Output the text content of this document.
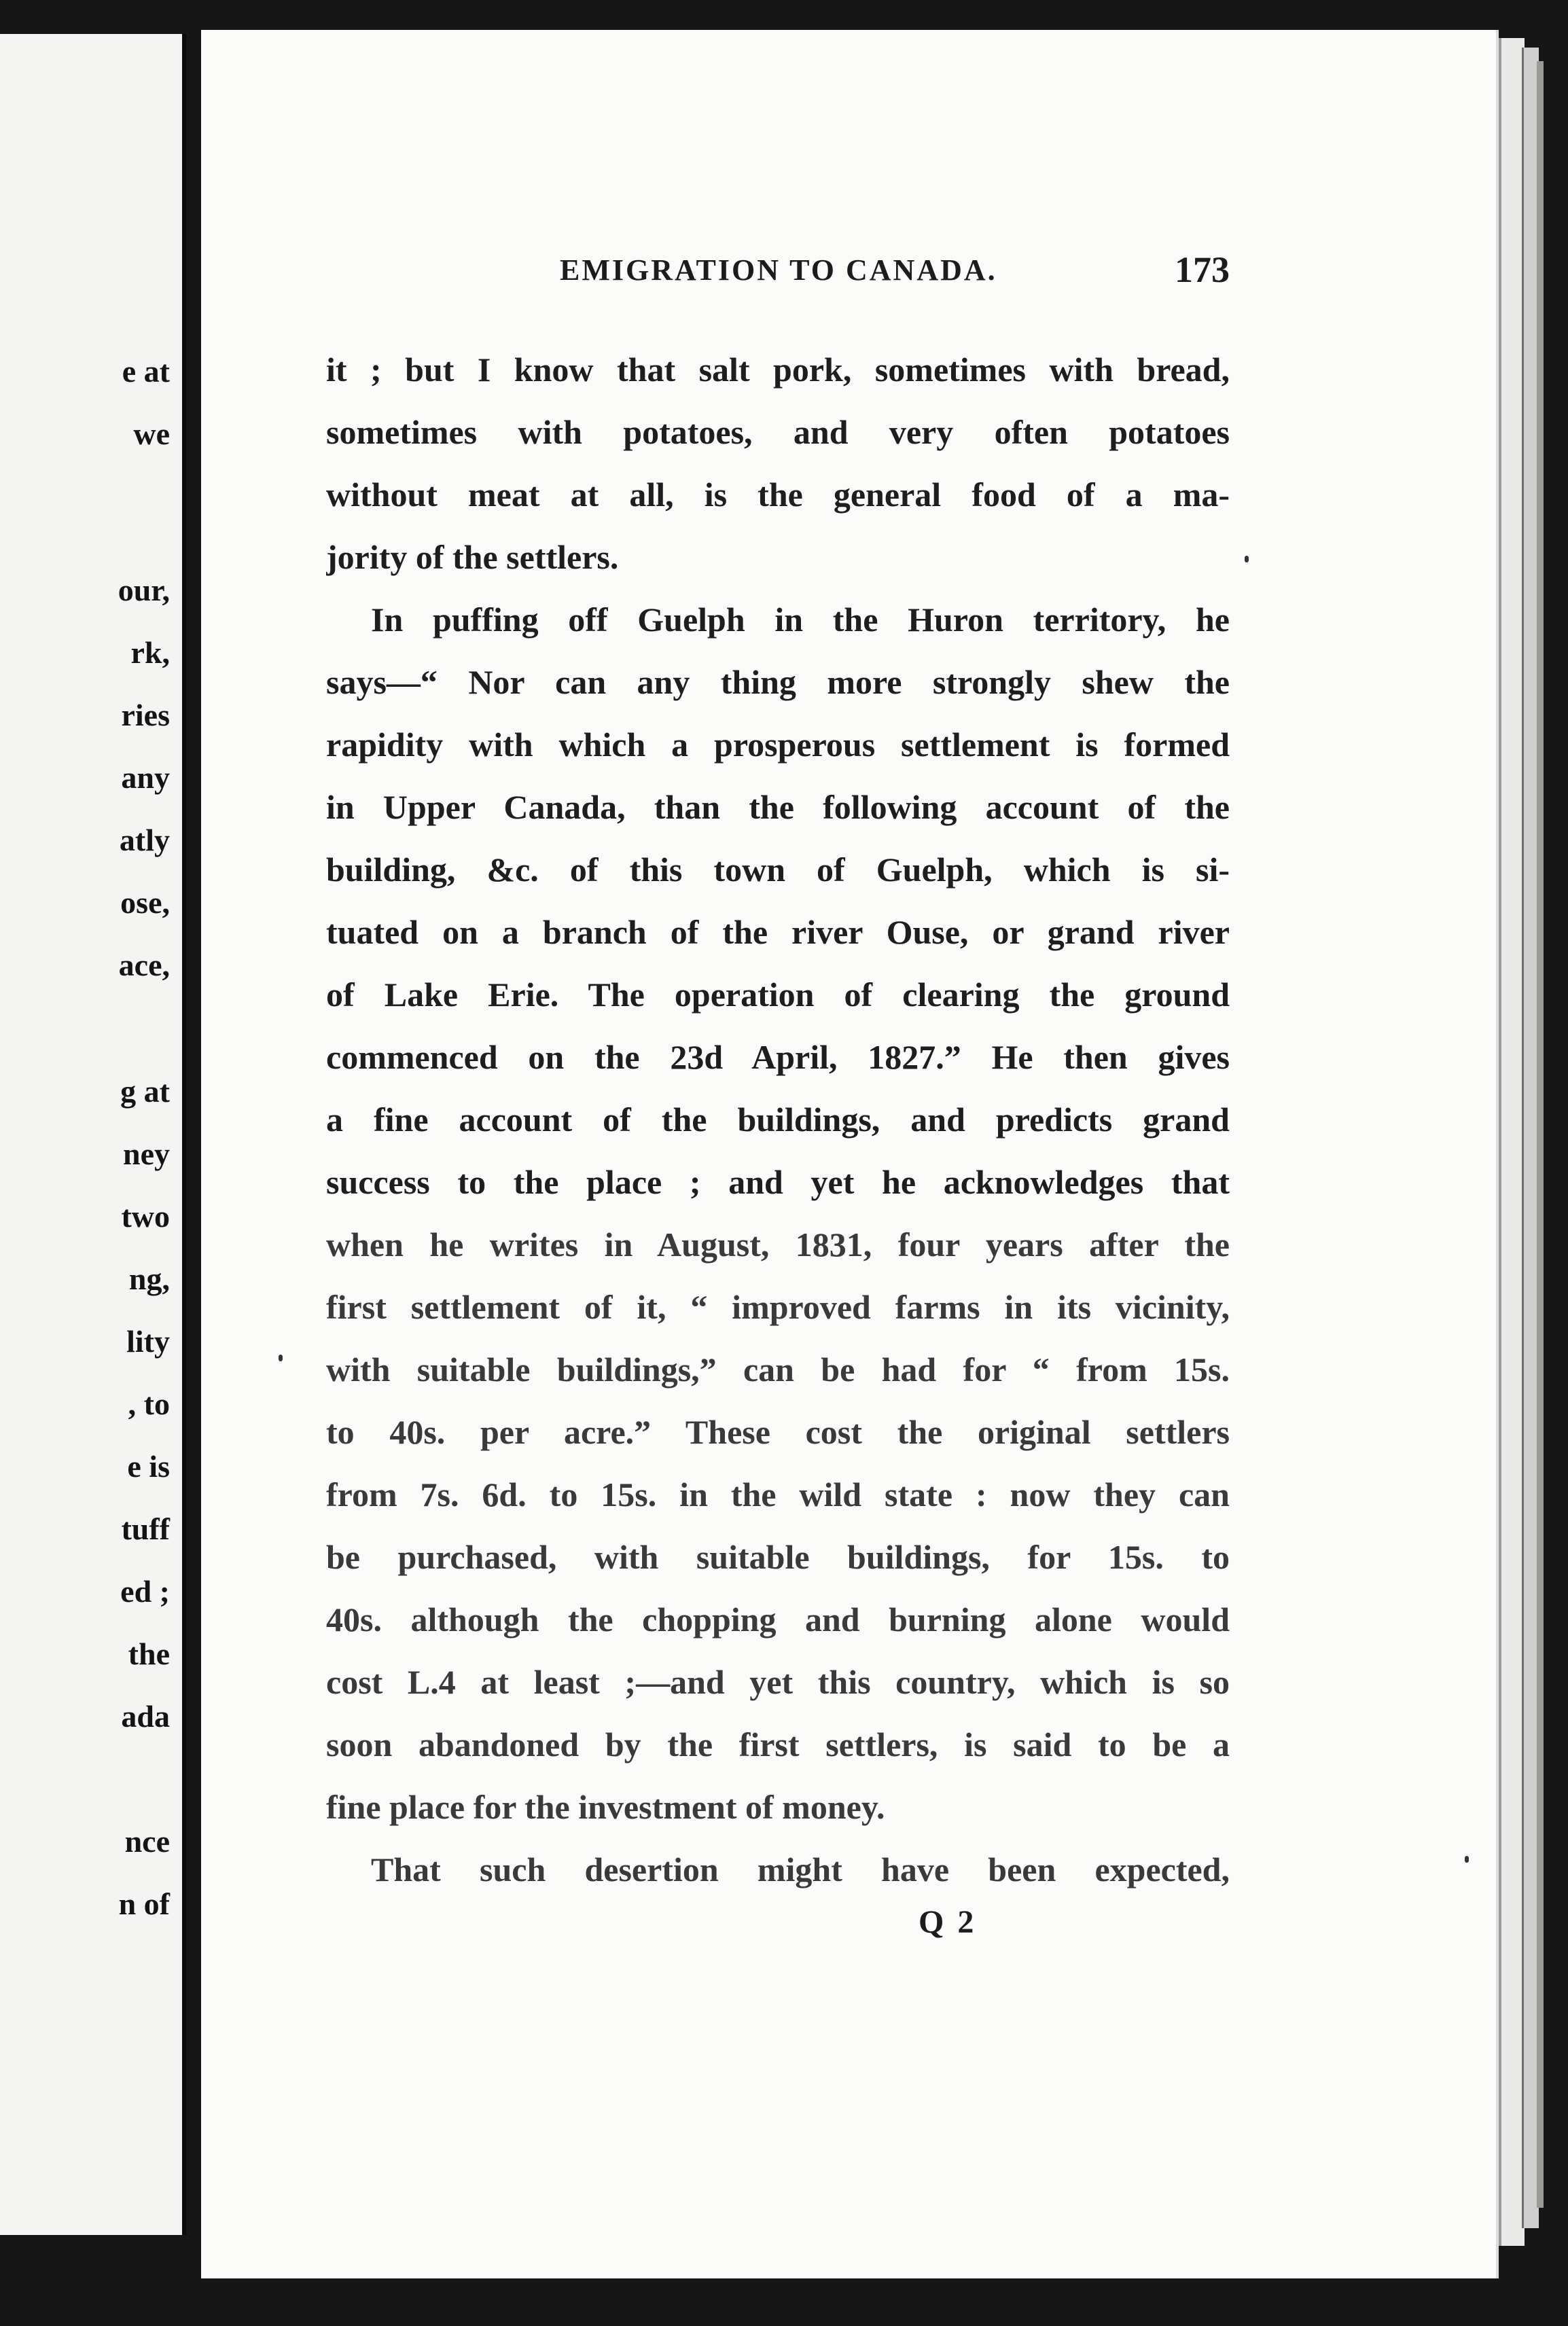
e at

we

our,

rk,

ries

any

atly

ose,

ace,

g at

ney

two

ng,

lity

, to

e is

tuff

ed ;

the

ada

nce

n of

EMIGRATION TO CANADA.	173

it ; but I know that salt pork, sometimes with bread,

sometimes with potatoes, and very often potatoes

without meat at all, is the general food of a ma-

jority of the settlers.

In puffing off Guelph in the Huron territory, he

says—“ Nor can any thing more strongly shew the

rapidity with which a prosperous settlement is formed

in Upper Canada, than the following account of the

building, &c. of this town of Guelph, which is si-

tuated on a branch of the river Ouse, or grand river

of Lake Erie. The operation of clearing the ground

commenced on the 23d April, 1827.” He then gives

a fine account of the buildings, and predicts grand

success to the place ; and yet he acknowledges that

when he writes in August, 1831, four years after the

first settlement of it, “ improved farms in its vicinity,

with suitable buildings,” can be had for “ from 15s.

to 40s. per acre.” These cost the original settlers

from 7s. 6d. to 15s. in the wild state : now they can

be purchased, with suitable buildings, for 15s. to

40s. although the chopping and burning alone would

cost L.4 at least ;—and yet this country, which is so

soon abandoned by the first settlers, is said to be a

fine place for the investment of money.

That such desertion might have been expected,

Q 2
